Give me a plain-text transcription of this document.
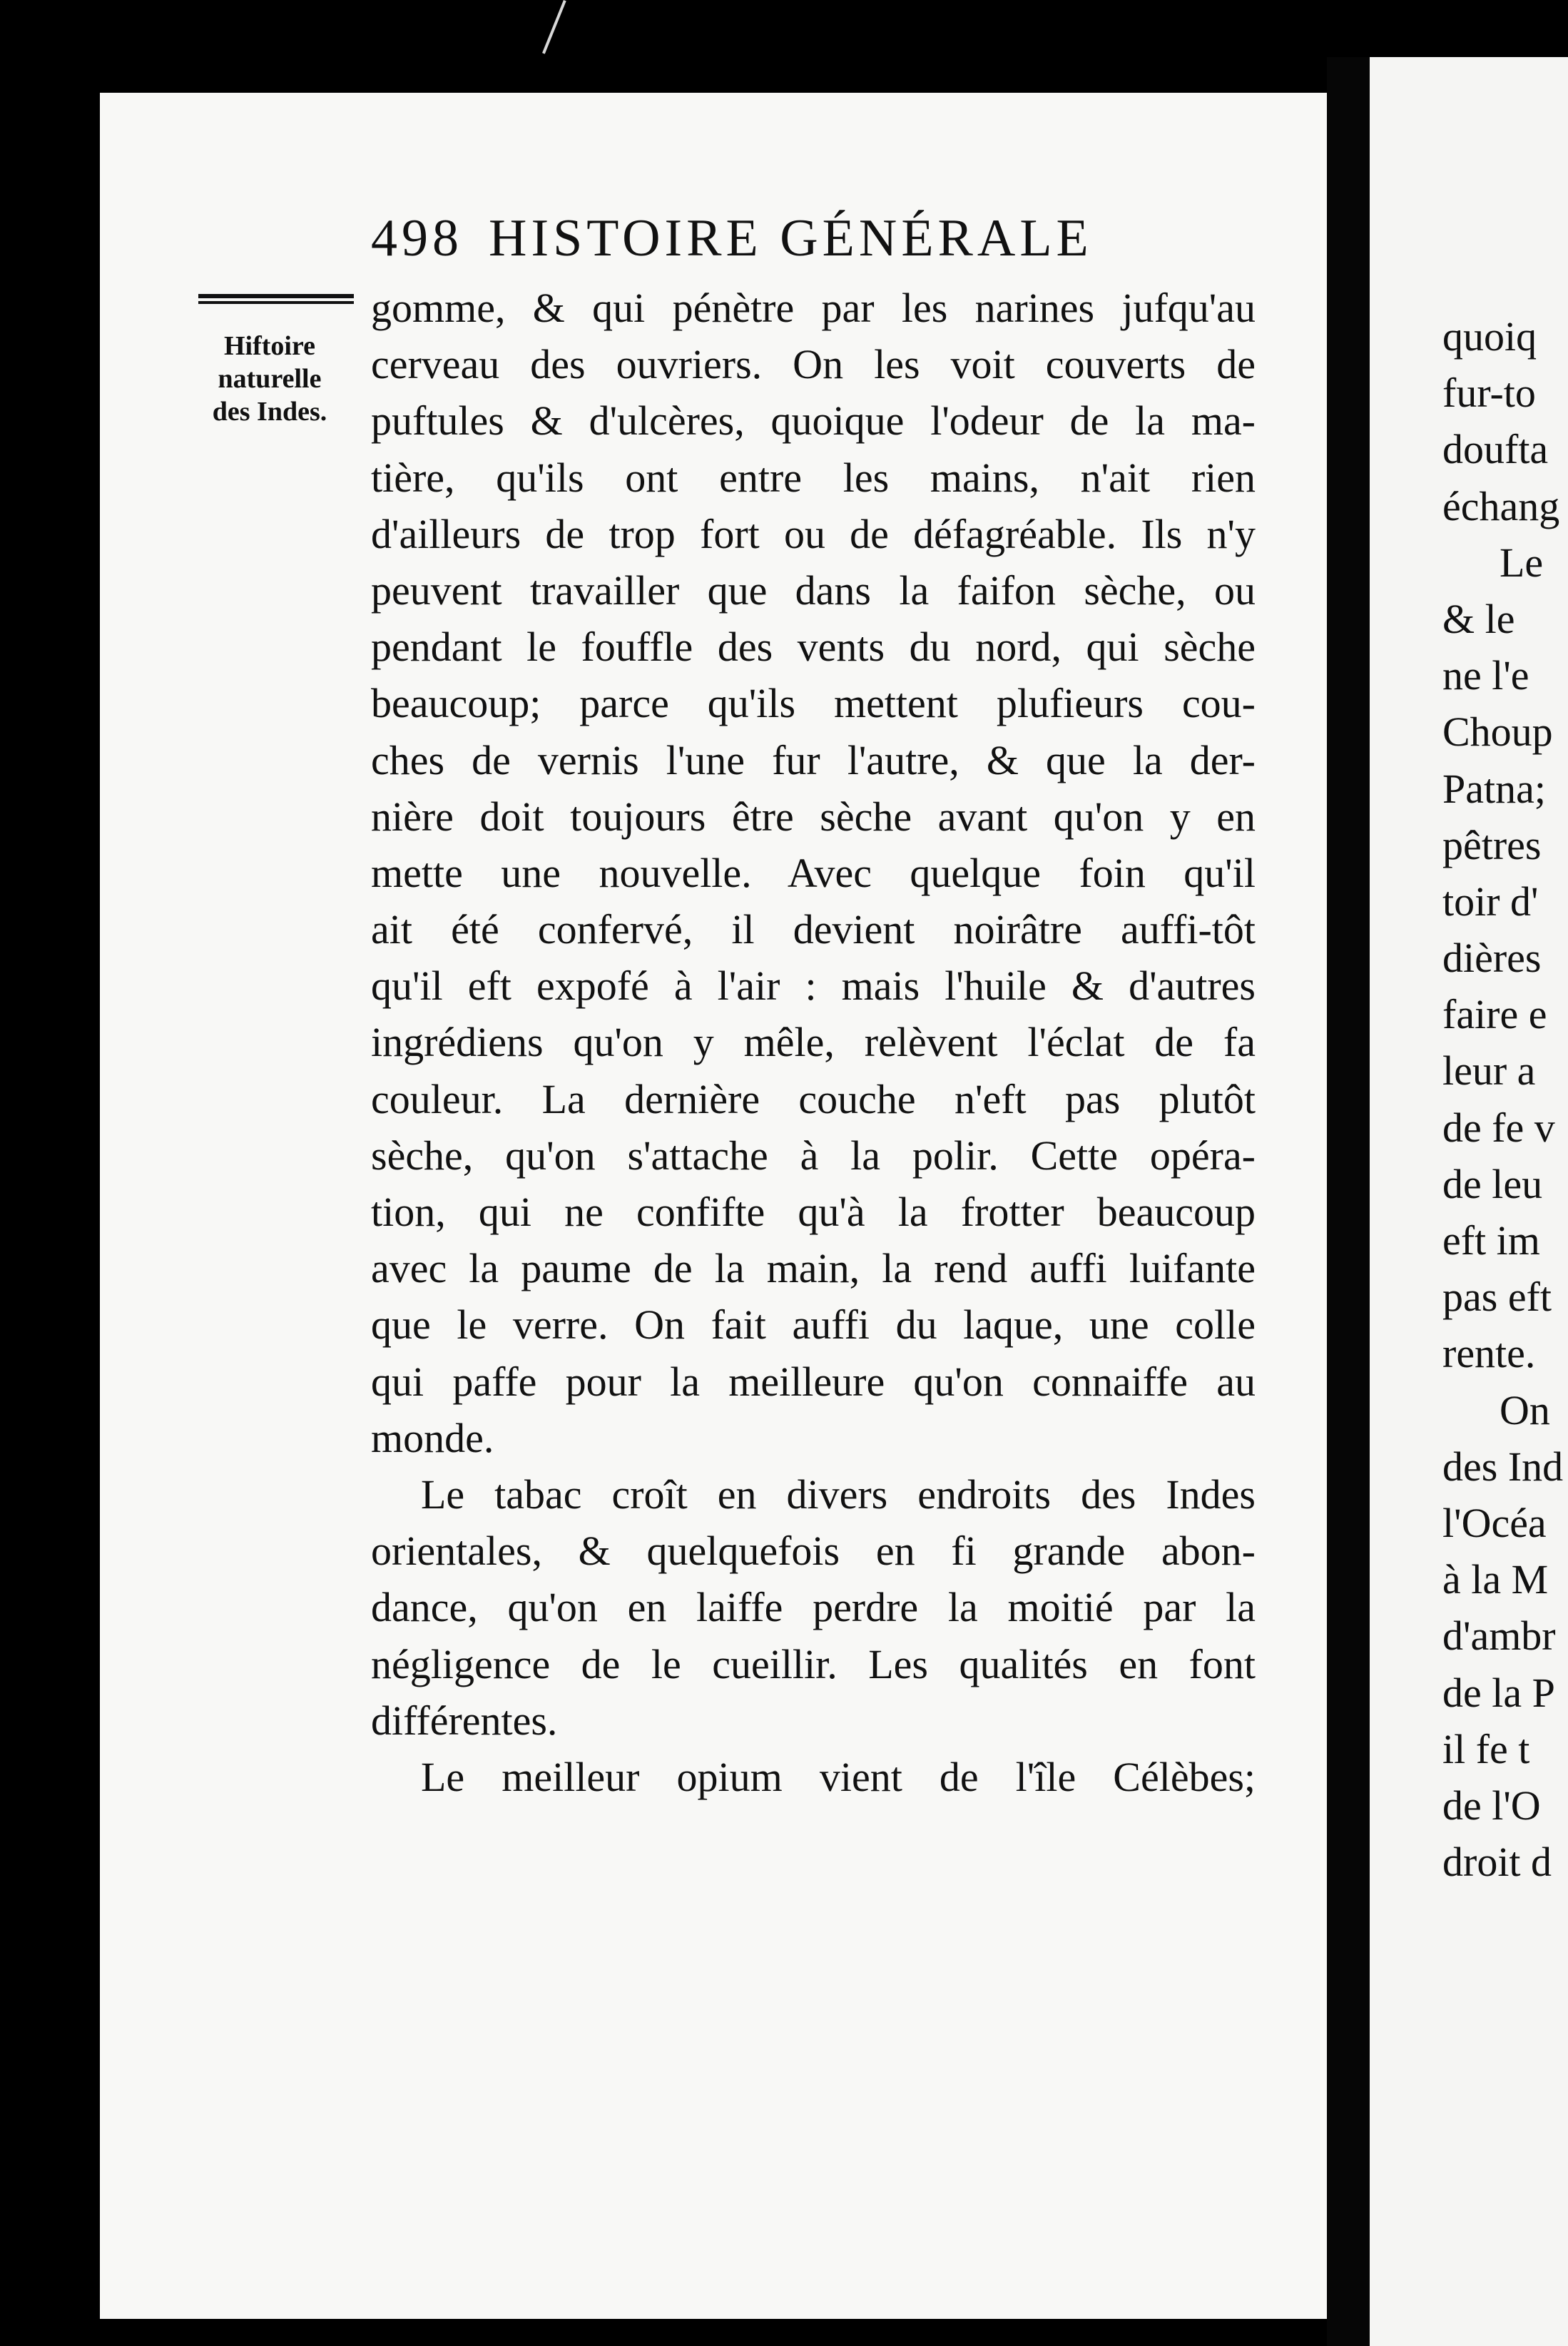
498 HISTOIRE GÉNÉRALE
Hiftoire
naturelle
des Indes.
gomme, & qui pénètre par les narines jufqu'au
cerveau des ouvriers. On les voit couverts de
puftules & d'ulcères, quoique l'odeur de la ma-
tière, qu'ils ont entre les mains, n'ait rien
d'ailleurs de trop fort ou de défagréable. Ils n'y
peuvent travailler que dans la faifon sèche, ou
pendant le fouffle des vents du nord, qui sèche
beaucoup; parce qu'ils mettent plufieurs cou-
ches de vernis l'une fur l'autre, & que la der-
nière doit toujours être sèche avant qu'on y en
mette une nouvelle. Avec quelque foin qu'il
ait été confervé, il devient noirâtre auffi-tôt
qu'il eft expofé à l'air : mais l'huile & d'autres
ingrédiens qu'on y mêle, relèvent l'éclat de fa
couleur. La dernière couche n'eft pas plutôt
sèche, qu'on s'attache à la polir. Cette opéra-
tion, qui ne confifte qu'à la frotter beaucoup
avec la paume de la main, la rend auffi luifante
que le verre. On fait auffi du laque, une colle
qui paffe pour la meilleure qu'on connaiffe au
monde.
Le tabac croît en divers endroits des Indes
orientales, & quelquefois en fi grande abon-
dance, qu'on en laiffe perdre la moitié par la
négligence de le cueillir. Les qualités en font
différentes.
Le meilleur opium vient de l'île Célèbes;
quoiq
fur-to
doufta
échang
Le
& le
ne l'e
Choup
Patna;
pêtres
toir d'
dières
faire e
leur a
de fe v
de leu
eft im
pas eft
rente.
On
des Ind
l'Océa
à la M
d'ambr
de la P
il fe t
de l'O
droit d
